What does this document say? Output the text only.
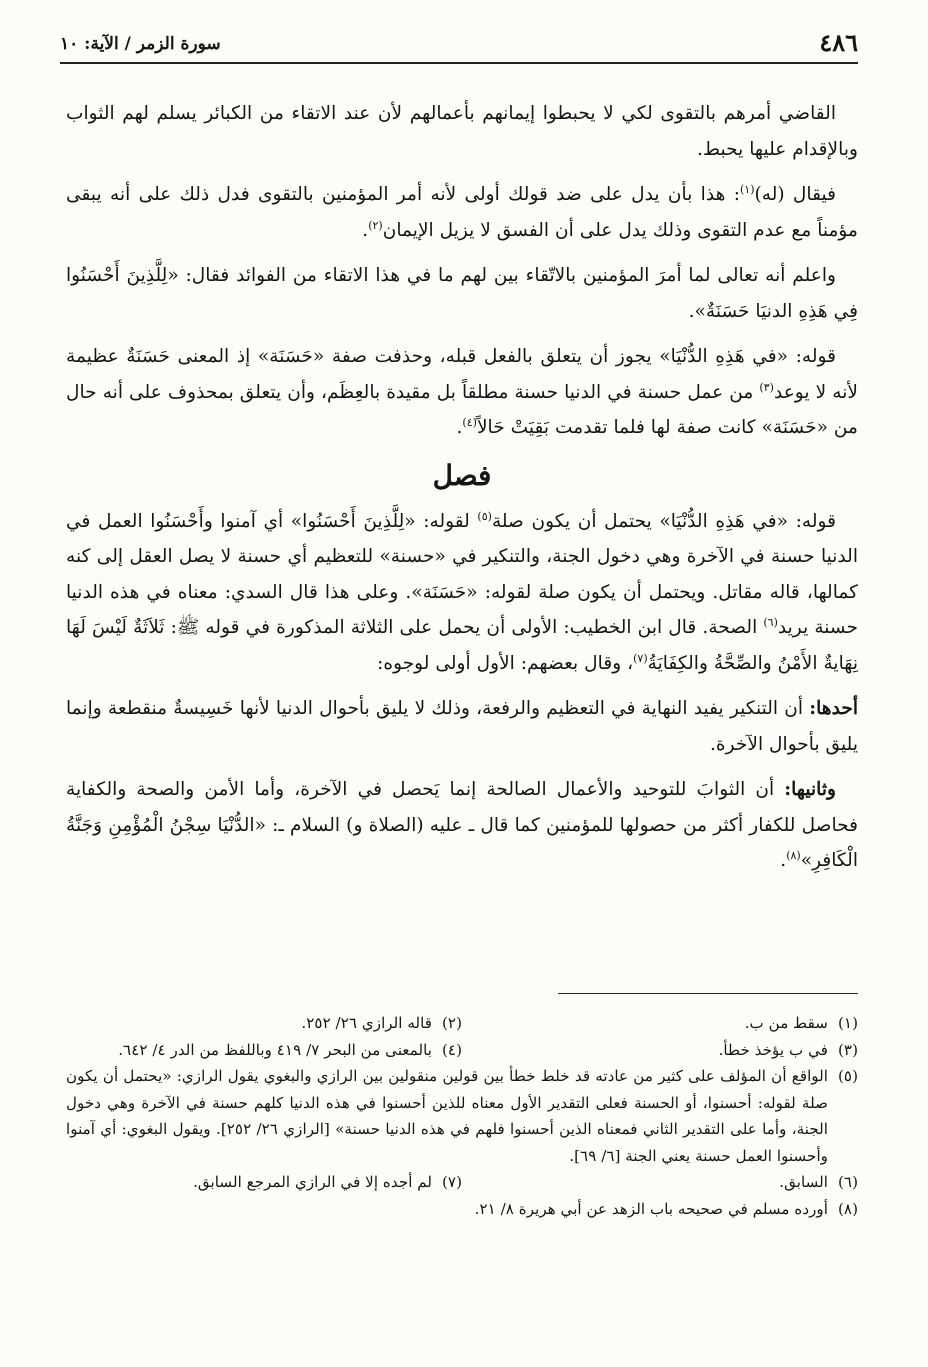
٤٨٦
سورة الزمر / الآية: ١٠

القاضي أمرهم بالتقوى لكي لا يحبطوا إيمانهم بأعمالهم لأن عند الاتقاء من الكبائر يسلم لهم الثواب وبالإقدام عليها يحبط.

فيقال (له)$^{(١)}$: هذا بأن يدل على ضد قولك أولى لأنه أمر المؤمنين بالتقوى فدل ذلك على أنه يبقى مؤمناً مع عدم التقوى وذلك يدل على أن الفسق لا يزيل الإيمان$^{(٢)}$.

واعلم أنه تعالى لما أمرَ المؤمنين بالاتّقاء بين لهم ما في هذا الاتقاء من الفوائد فقال: «لِلَّذِينَ أَحْسَنُوا فِي هَذِهِ الدنيَا حَسَنَةٌ».

قوله: «في هَذِهِ الدُّنْيَا» يجوز أن يتعلق بالفعل قبله، وحذفت صفة «حَسَنَة» إذ المعنى حَسَنَةٌ عظيمة لأنه لا يوعد$^{(٣)}$ من عمل حسنة في الدنيا حسنة مطلقاً بل مقيدة بالعِظَم، وأن يتعلق بمحذوف على أنه حال من «حَسَنَة» كانت صفة لها فلما تقدمت بَقِيَتْ حَالاً$^{(٤)}$.

فصل

قوله: «في هَذِهِ الدُّنْيَا» يحتمل أن يكون صلة$^{(٥)}$ لقوله: «لِلَّذِينَ أَحْسَنُوا» أي آمنوا وأَحْسَنُوا العمل في الدنيا حسنة في الآخرة وهي دخول الجنة، والتنكير في «حسنة» للتعظيم أي حسنة لا يصل العقل إلى كنه كمالها، قاله مقاتل. ويحتمل أن يكون صلة لقوله: «حَسَنَة». وعلى هذا قال السدي: معناه في هذه الدنيا حسنة يريد$^{(٦)}$ الصحة. قال ابن الخطيب: الأولى أن يحمل على الثلاثة المذكورة في قوله ﷺ: ثَلاَثَةٌ لَيْسَ لَهَا نِهَايةٌ الأَمْنُ والصِّحَّةُ والكِفَايَةُ$^{(٧)}$، وقال بعضهم: الأول أولى لوجوه:

أحدها: أن التنكير يفيد النهاية في التعظيم والرفعة، وذلك لا يليق بأحوال الدنيا لأنها خَسِيسةٌ منقطعة وإنما يليق بأحوال الآخرة.

وثانيها: أن الثوابَ للتوحيد والأعمال الصالحة إنما يَحصل في الآخرة، وأما الأمن والصحة والكفاية فحاصل للكفار أكثر من حصولها للمؤمنين كما قال ـ عليه (الصلاة و) السلام ـ: «الدُّنْيَا سِجْنُ الْمُؤْمِنِ وَجَنَّةُ الْكَافِرِ»$^{(٨)}$.

(١)
سقط من ب.
(٢)
قاله الرازي ٢٦/ ٢٥٢.
(٣)
في ب يؤخذ خطأ.
(٤)
بالمعنى من البحر ٧/ ٤١٩ وباللفظ من الدر ٤/ ٦٤٢.
(٥)
الواقع أن المؤلف على كثير من عادته قد خلط خطأ بين قولين منقولين بين الرازي والبغوي يقول الرازي: «يحتمل أن يكون صلة لقوله: أحسنوا، أو الحسنة فعلى التقدير الأول معناه للذين أحسنوا في هذه الدنيا كلهم حسنة في الآخرة وهي دخول الجنة، وأما على التقدير الثاني فمعناه الذين أحسنوا فلهم في هذه الدنيا حسنة» [الرازي ٢٦/ ٢٥٢]. ويقول البغوي: أي آمنوا وأحسنوا العمل حسنة يعني الجنة [٦/ ٦٩].
(٦)
السابق.
(٧)
لم أجده إلا في الرازي المرجع السابق.
(٨)
أورده مسلم في صحيحه باب الزهد عن أبي هريرة ٨/ ٢١.
